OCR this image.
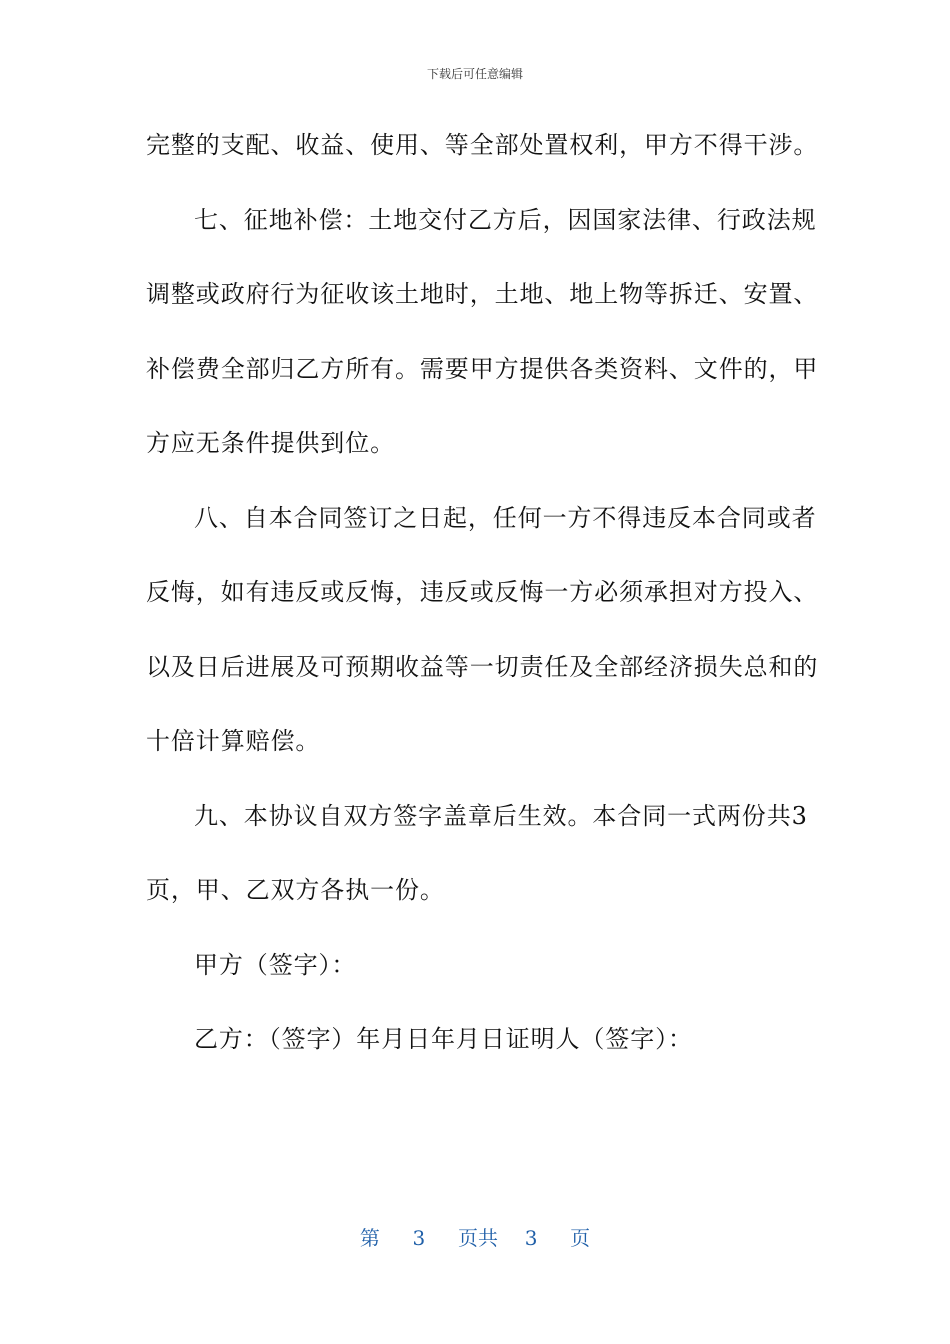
下载后可任意编辑
完整的支配、收益、使用、等全部处置权利，甲方不得干涉。
七、征地补偿：土地交付乙方后，因国家法律、行政法规
调整或政府行为征收该土地时，土地、地上物等拆迁、安置、
补偿费全部归乙方所有。需要甲方提供各类资料、文件的，甲
方应无条件提供到位。
八、自本合同签订之日起，任何一方不得违反本合同或者
反悔，如有违反或反悔，违反或反悔一方必须承担对方投入、
以及日后进展及可预期收益等一切责任及全部经济损失总和的
十倍计算赔偿。
九、本协议自双方签字盖章后生效。本合同一式两份共3
页，甲、乙双方各执一份。
甲方（签字）：
乙方：（签字）年月日年月日证明人（签字）：
第 3 页共 3 页
